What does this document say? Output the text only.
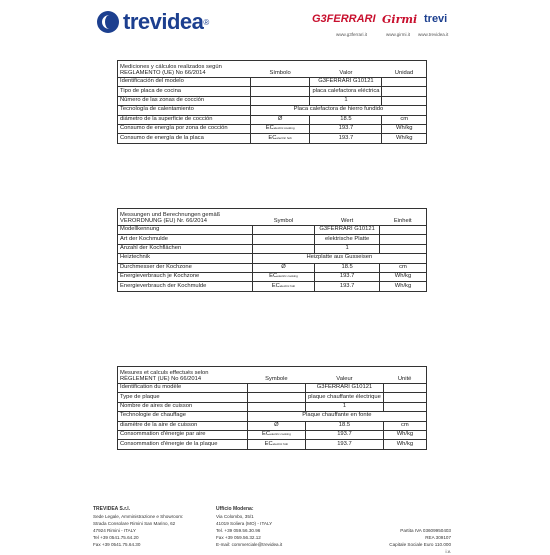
trevidea ®	G3FERRARI Girmi trevi
www.g3ferrari.it	www.girmi.it www.trevidea.it
Mediciones y cálculos realizados según
REGLAMENTO (UE) No 66/2014	Símbolo	Valor	Unidad
Identificación del modelo		G3FERRARI G10121	
Tipo de placa de cocina		placa calefactora eléctrica	
Número de las zonas de cocción		1	
Tecnología de calentamiento	Placa calefactora de hierro fundido		
diámetro de la superficie de cocción	Ø	18.5	cm
Consumo de energía por zona de cocción	ECelectric cooking	193.7	Wh/kg
Consumo de energía de la placa	ECelectric hob	193.7	Wh/kg
Messungen und Berechnungen gemäß
VERORDNUNG (EU) Nr. 66/2014	Symbol	Wert	Einheit
Modellkennung		G3FERRARI G10121	
Art der Kochmulde		elektrische Platte	
Anzahl der Kochflächen		1	
Heiztechnik	Heizplatte aus Gusseisen		
Durchmesser der Kochzone	Ø	18.5	cm
Energieverbrauch je Kochzone	ECelectric cooking	193.7	Wh/kg
Energieverbrauch der Kochmulde	ECelectric hob	193.7	Wh/kg
Mesures et calculs effectués selon
RÈGLEMENT (UE) No 66/2014	Symbole	Valeur	Unité
Identification du modèle		G3FERRARI G10121	
Type de plaque		plaque chauffante électrique	
Nombre de aires de cuisson		1	
Technologie de chauffage	Plaque chauffante en fonte		
diamètre de la aire de cuisson	Ø	18.5	cm
Consommation d'énergie par aire	ECelectric cooking	193.7	Wh/kg
Consommation d'énergie de la plaque	ECelectric hob	193.7	Wh/kg
TREVIDEA S.r.l.
Sede Legale, Amministrazione e Showroom:
Strada Consolare Rimini San Marino, 62
47924 Rimini - ITALY
Tel +39 0541.75.64.20
Fax +39 0541.75.64.30
Ufficio Modena:
Via Colombo, 35/1
41019 Soliera (MO) - ITALY
Tel. +39 059.56.30.96
Fax +39 059.56.32.12
E-mail: commerciale@trevidea.it
Partita IVA 03609950403
REA 309107
Capitale Sociale Euro 110.000 i.v.
